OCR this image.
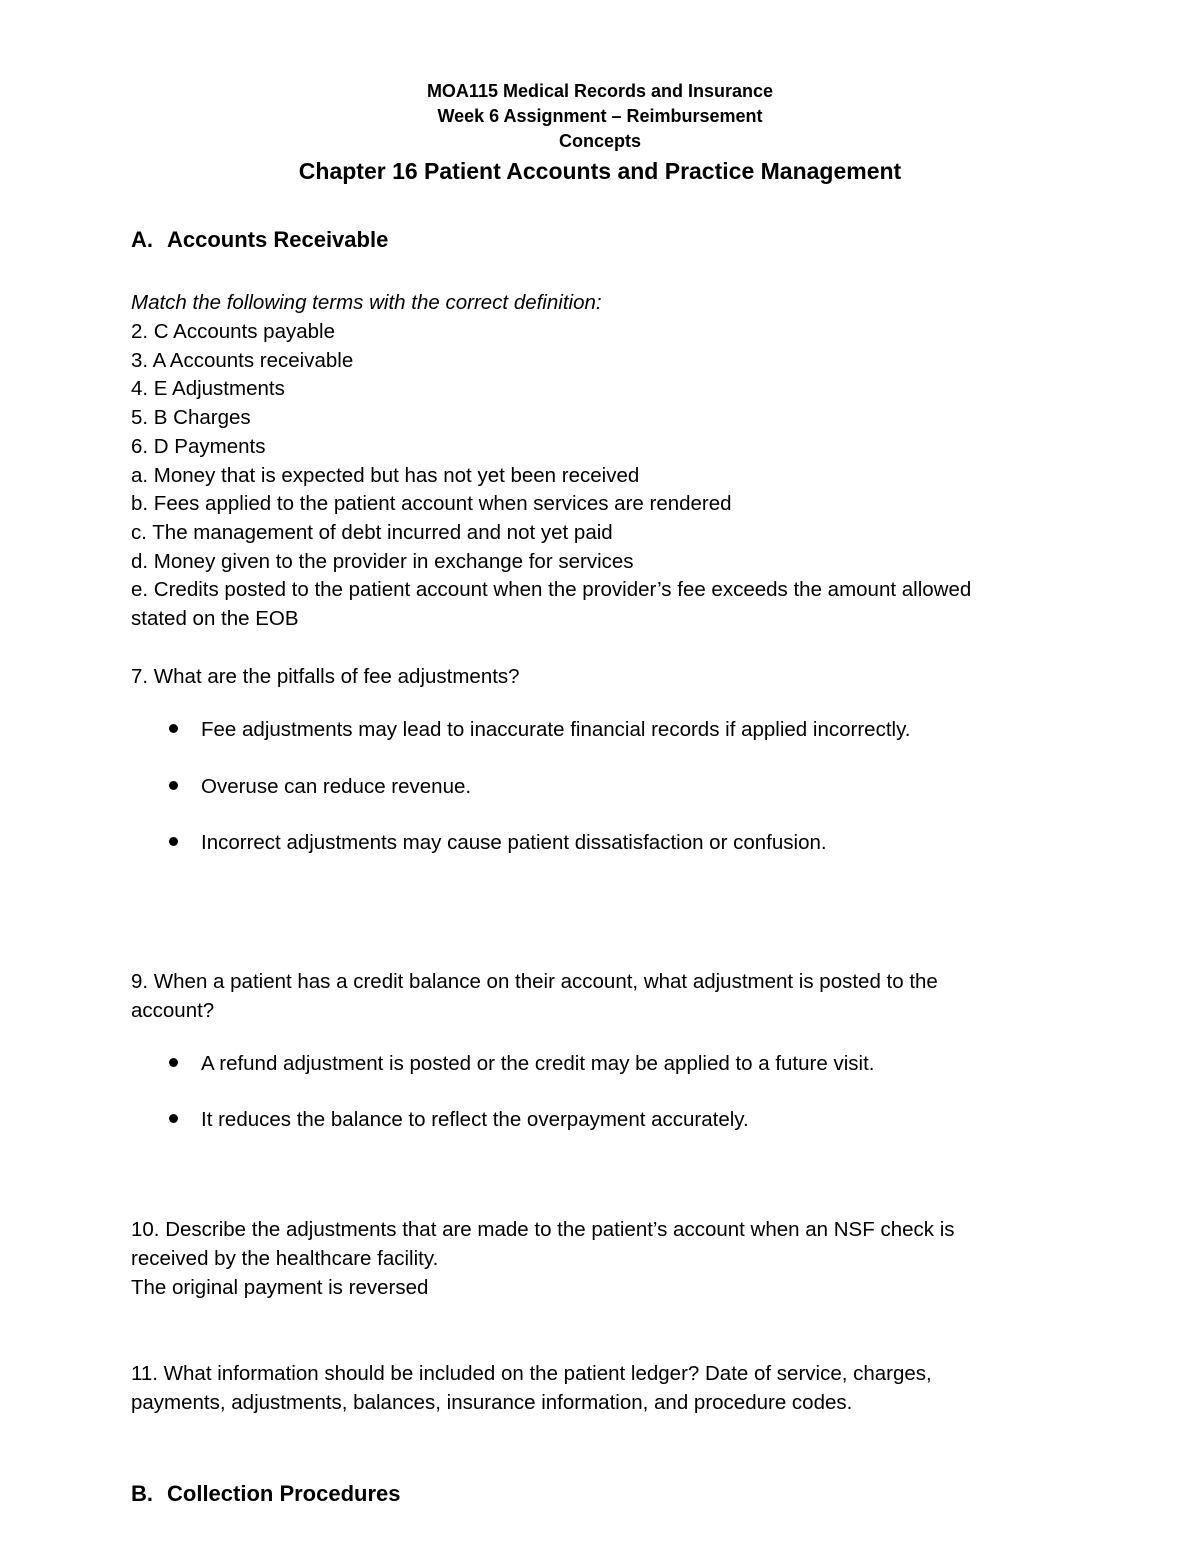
MOA115 Medical Records and Insurance
Week 6 Assignment – Reimbursement
Concepts
Chapter 16 Patient Accounts and Practice Management
A. Accounts Receivable
Match the following terms with the correct definition:
2. C Accounts payable
3. A Accounts receivable
4. E Adjustments
5. B Charges
6. D Payments
a. Money that is expected but has not yet been received
b. Fees applied to the patient account when services are rendered
c. The management of debt incurred and not yet paid
d. Money given to the provider in exchange for services
e. Credits posted to the patient account when the provider’s fee exceeds the amount allowed
stated on the EOB
7. What are the pitfalls of fee adjustments?
Fee adjustments may lead to inaccurate financial records if applied incorrectly.
Overuse can reduce revenue.
Incorrect adjustments may cause patient dissatisfaction or confusion.
9. When a patient has a credit balance on their account, what adjustment is posted to the
account?
A refund adjustment is posted or the credit may be applied to a future visit.
It reduces the balance to reflect the overpayment accurately.
10. Describe the adjustments that are made to the patient’s account when an NSF check is
received by the healthcare facility.
The original payment is reversed
11. What information should be included on the patient ledger? Date of service, charges,
payments, adjustments, balances, insurance information, and procedure codes.
B. Collection Procedures
